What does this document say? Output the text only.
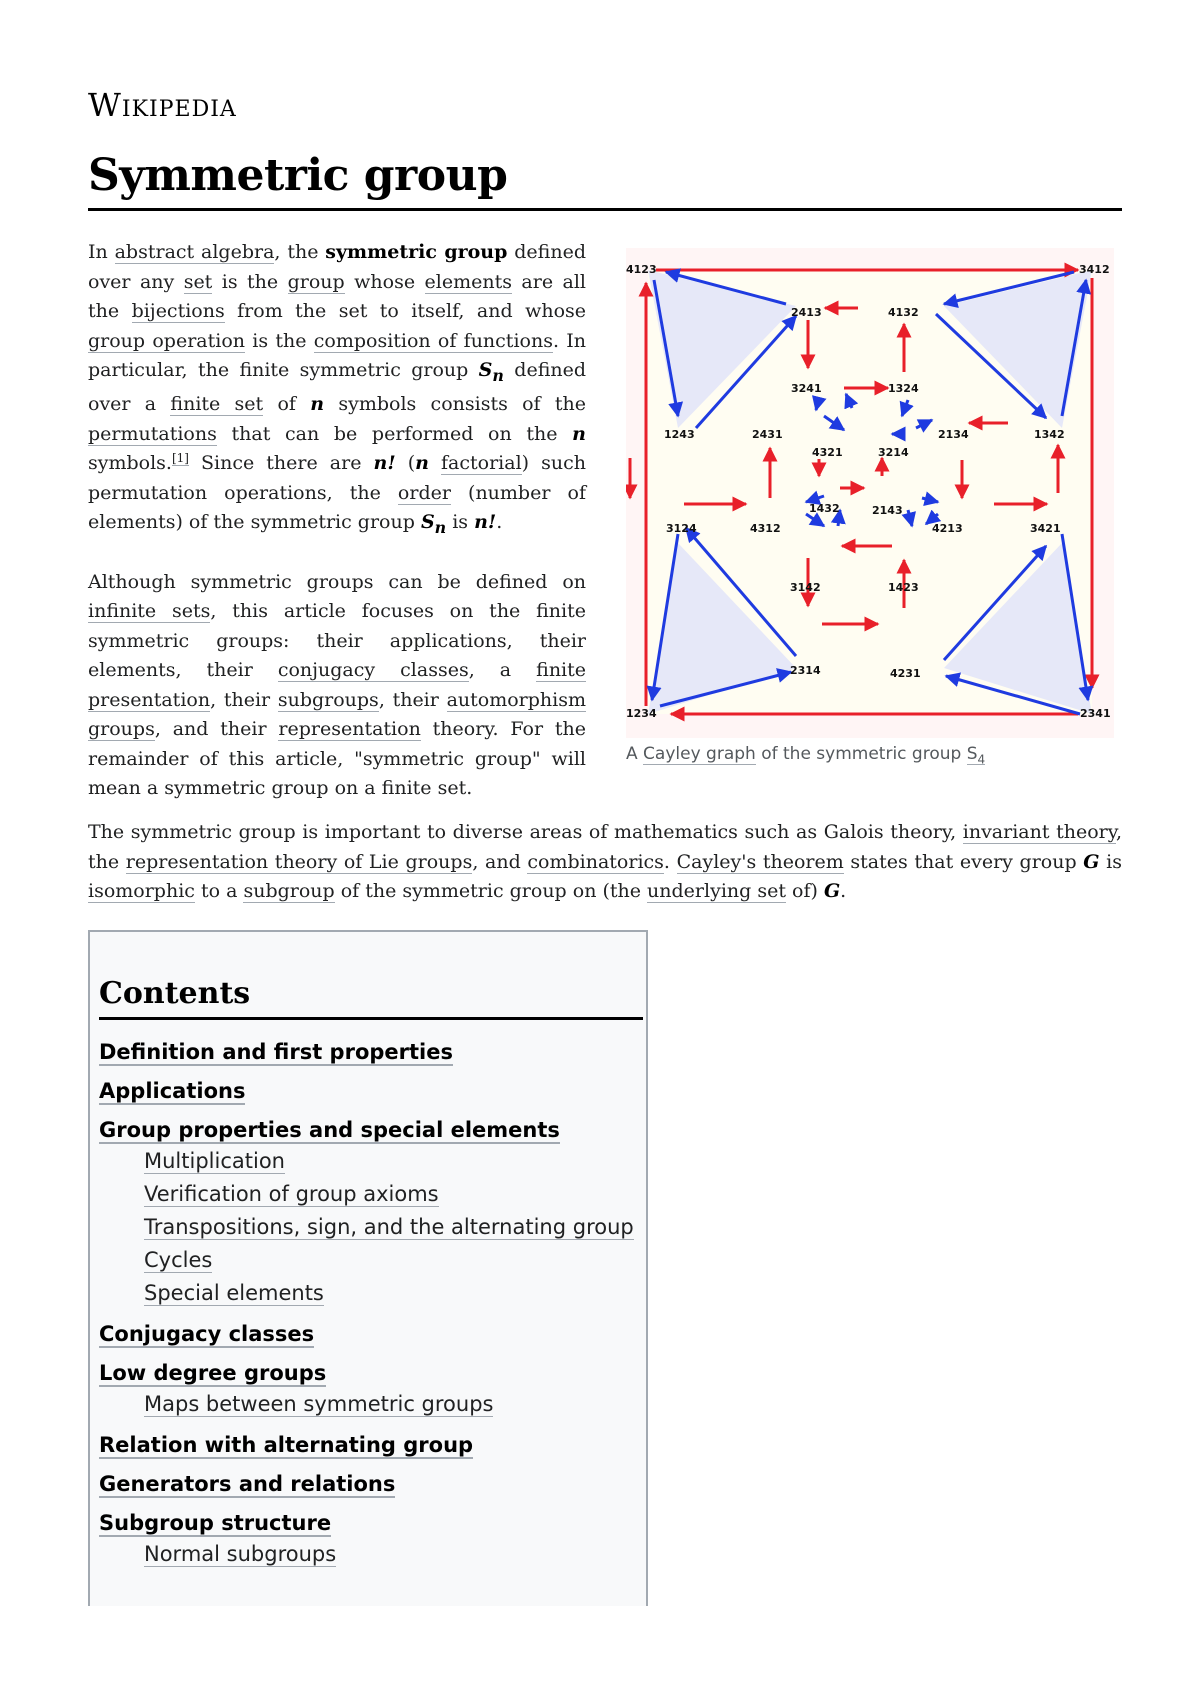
Wikipedia
Symmetric group

In abstract algebra, the symmetric group defined over any set is the group whose elements are all the bijections from the set to itself, and whose group operation is the composition of functions. In particular, the finite symmetric group $S_n$ defined over a finite set of n symbols consists of the permutations that can be performed on the n symbols.[1] Since there are n! (n factorial) such permutation operations, the order (number of elements) of the symmetric group $S_n$ is n!.

Although symmetric groups can be defined on infinite sets, this article focuses on the finite symmetric groups: their applications, their elements, their conjugacy classes, a finite presentation, their subgroups, their automorphism groups, and their representation theory. For the remainder of this article, "symmetric group" will mean a symmetric group on a finite set.

4123	3412
2413	4132
3241	1324
1243	2431
4321	3214
2134	1342
3124	4312
1432	2143
4213	3421
3142	1423
2314	4231
1234	2341
A Cayley graph of the symmetric group $S_4$
The symmetric group is important to diverse areas of mathematics such as Galois theory, invariant theory, the representation theory of Lie groups, and combinatorics. Cayley's theorem states that every group G is isomorphic to a subgroup of the symmetric group on (the underlying set of) G.
Contents
Definition and first properties
Applications
Group properties and special elements
Multiplication
Verification of group axioms
Transpositions, sign, and the alternating group
Cycles
Special elements
Conjugacy classes
Low degree groups
Maps between symmetric groups
Relation with alternating group
Generators and relations
Subgroup structure
Normal subgroups
